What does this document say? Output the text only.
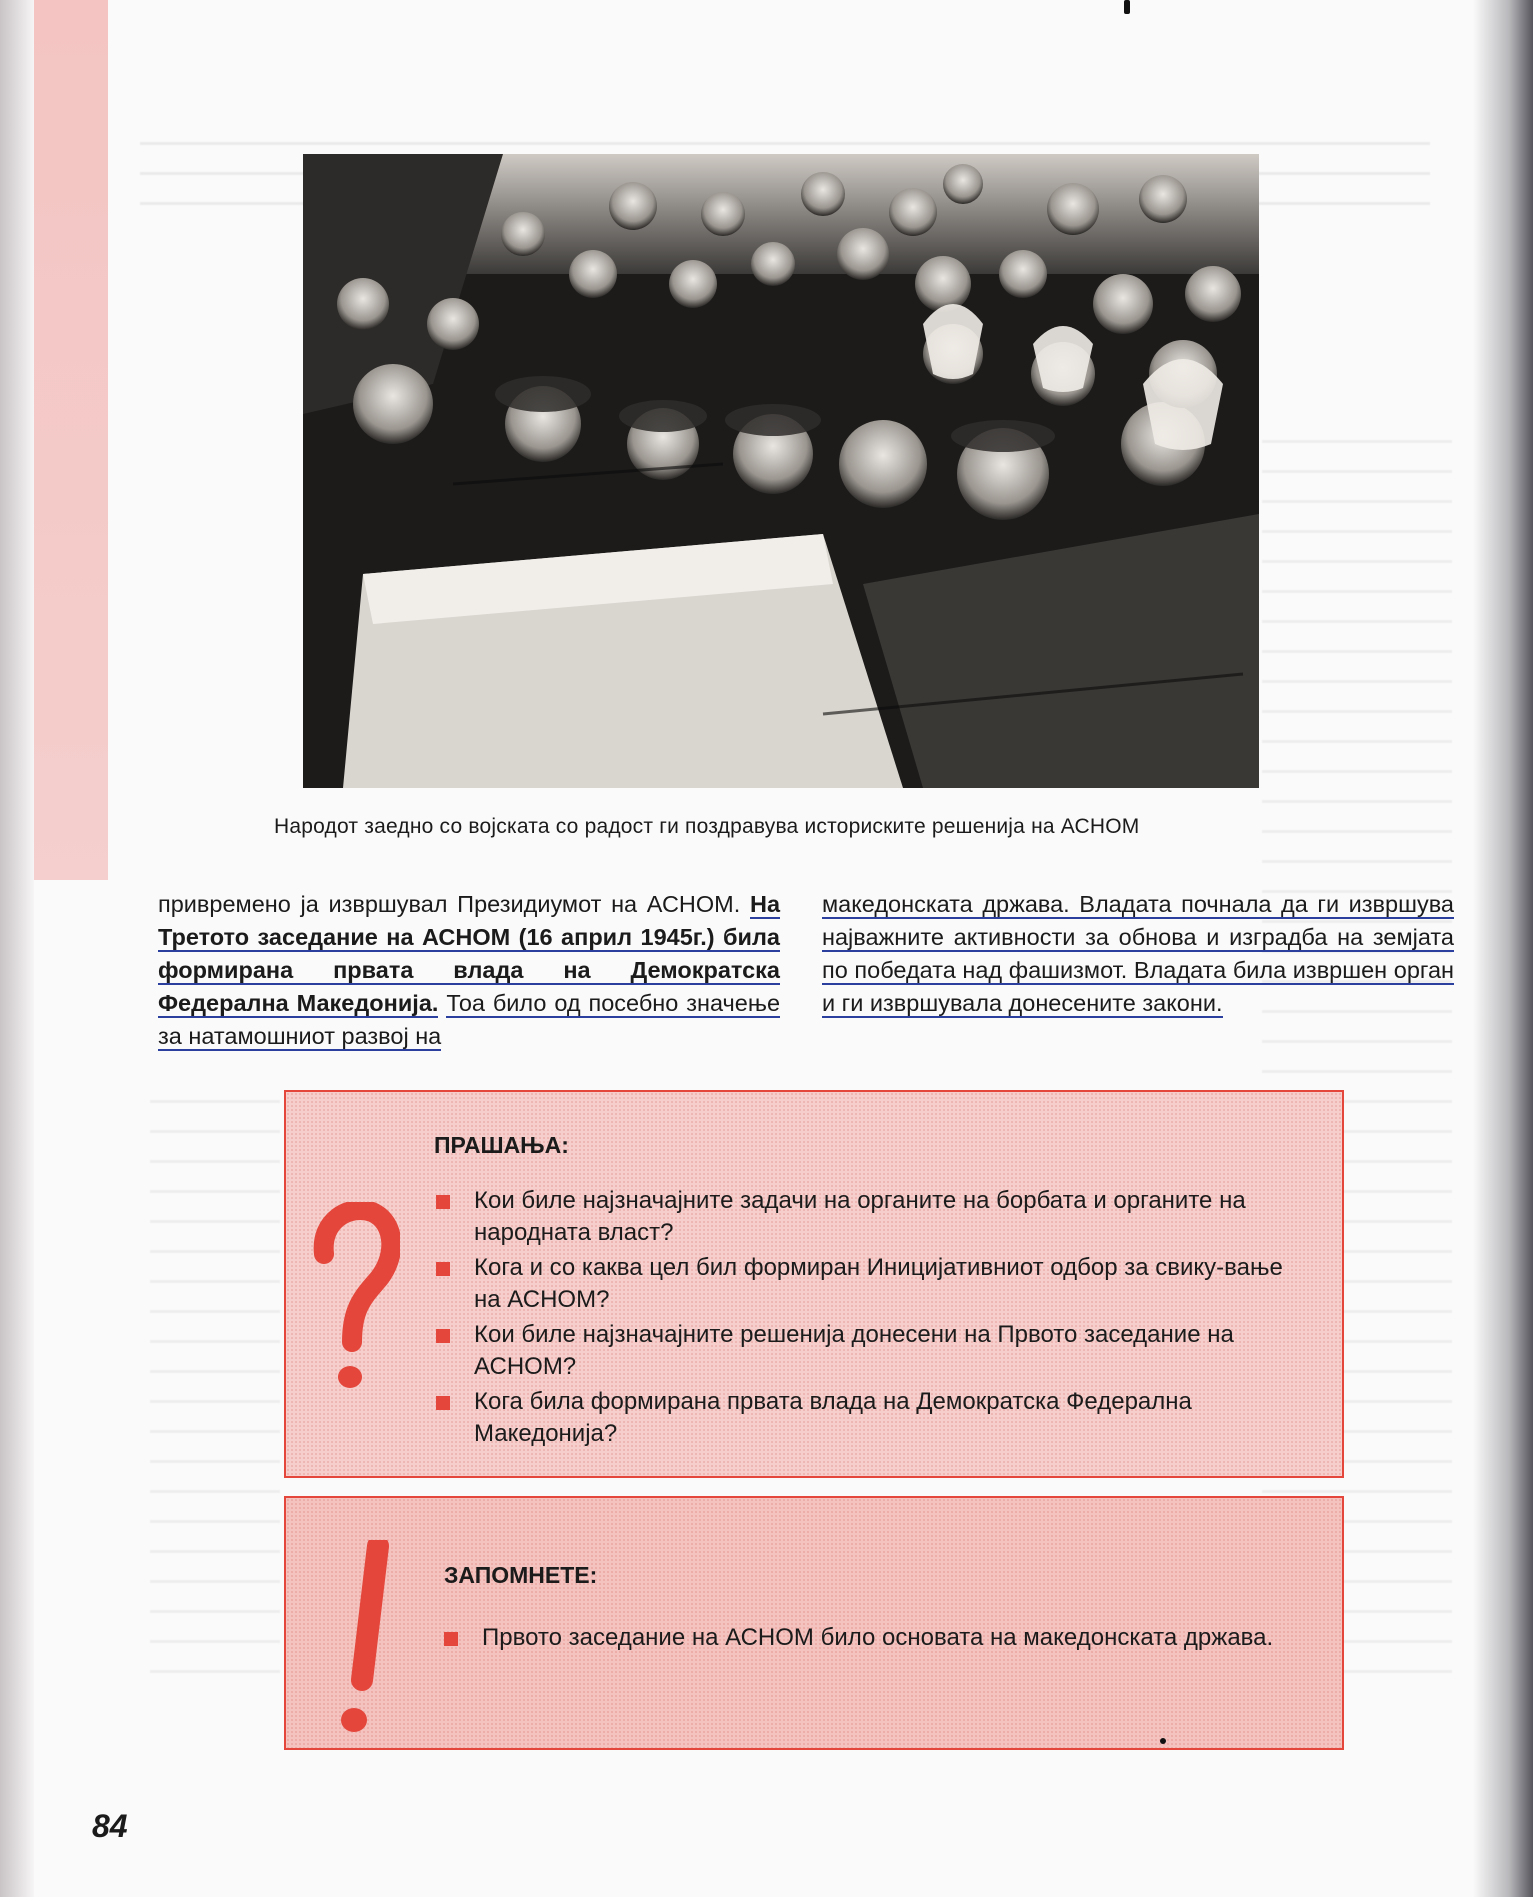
Народот заедно со војската со радост ги поздравува историските решенија на АСНОМ
привремено ја извршувал Президиумот на АСНОМ. На Третото заседание на АСНОМ (16 април 1945г.) била формирана првата влада на Демократска Федерална Македонија. Тоа било од посебно значење за натамошниот развој на
македонската држава. Владата почнала да ги извршува најважните активности за обнова и изградба на земјата по победата над фашизмот. Владата била извршен орган и ги извршувала донесените закони.
ПРАШАЊА:
Кои биле најзначајните задачи на органите на борбата и органите на народната власт?
Кога и со каква цел бил формиран Иницијативниот одбор за свику-вање на АСНОМ?
Кои биле најзначајните решенија донесени на Првото заседание на АСНОМ?
Кога била формирана првата влада на Демократска Федерална Македонија?
ЗАПОМНЕТЕ:
Првото заседание на АСНОМ било основата на македонската држава.
84
